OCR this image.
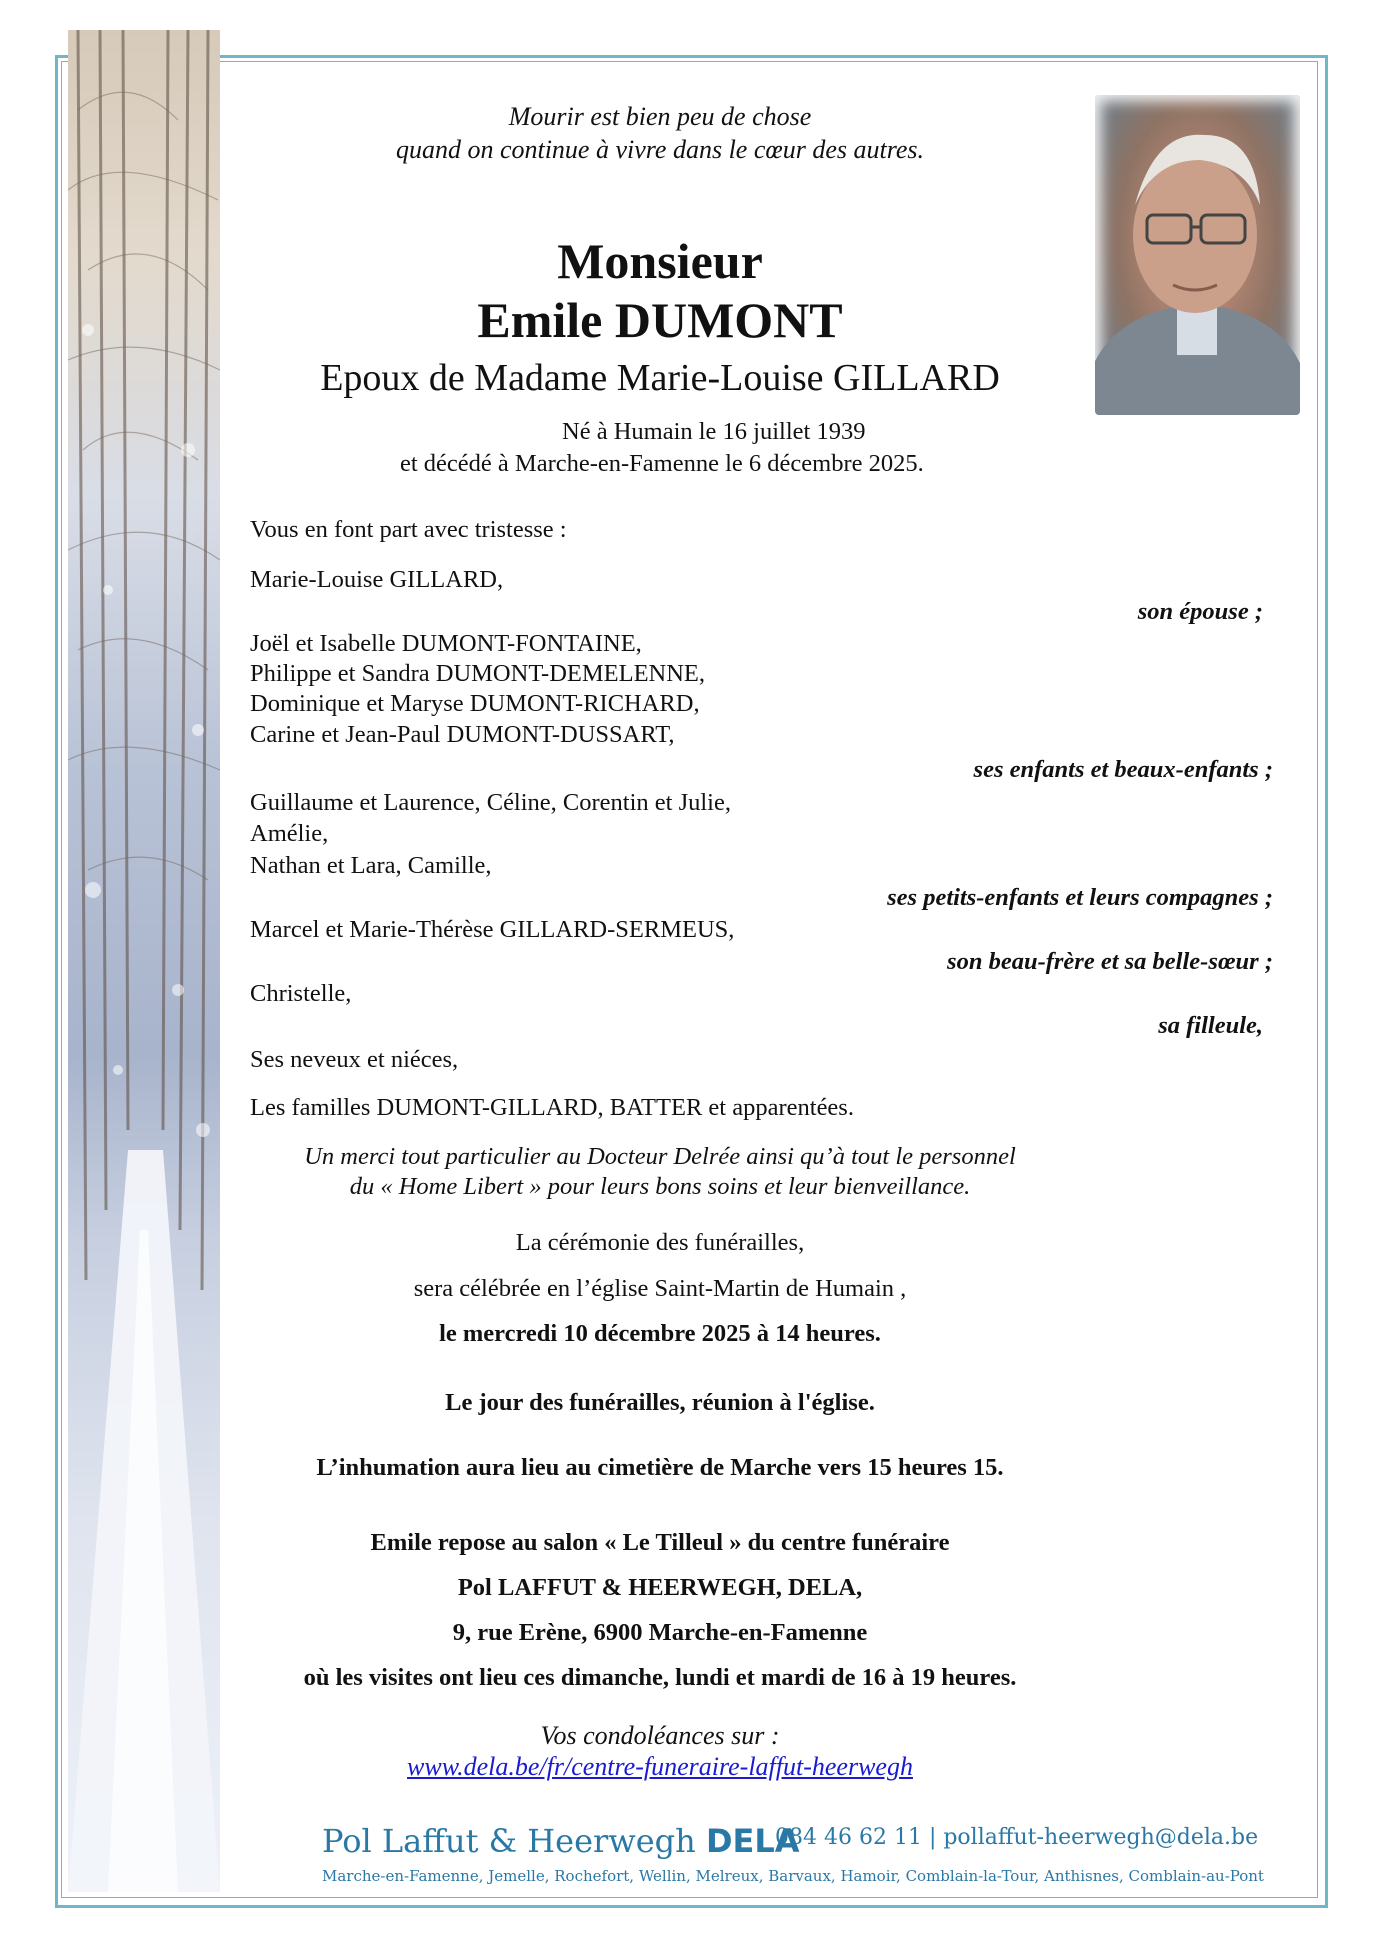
Mourir est bien peu de chose
quand on continue à vivre dans le cœur des autres.
Monsieur
Emile DUMONT
Epoux de Madame Marie-Louise GILLARD
Né à Humain le 16 juillet 1939
et décédé à Marche-en-Famenne le 6 décembre 2025.
Vous en font part avec tristesse :
Marie-Louise GILLARD,
son épouse ;
Joël et Isabelle DUMONT-FONTAINE,
Philippe et Sandra DUMONT-DEMELENNE,
Dominique et Maryse DUMONT-RICHARD,
Carine et Jean-Paul DUMONT-DUSSART,
ses enfants et beaux-enfants ;
Guillaume et Laurence, Céline, Corentin et Julie,
Amélie,
Nathan et Lara, Camille,
ses petits-enfants et leurs compagnes ;
Marcel et Marie-Thérèse GILLARD-SERMEUS,
son beau-frère et sa belle-sœur ;
Christelle,
sa filleule,
Ses neveux et niéces,
Les familles DUMONT-GILLARD, BATTER et apparentées.
Un merci tout particulier au Docteur Delrée ainsi qu’à tout le personnel
du « Home Libert » pour leurs bons soins et leur bienveillance.
La cérémonie des funérailles,
sera célébrée en l’église Saint-Martin de Humain ,
le mercredi 10 décembre 2025 à 14 heures.
Le jour des funérailles, réunion à l'église.
L’inhumation aura lieu au cimetière de Marche vers 15 heures 15.
Emile repose au salon « Le Tilleul » du centre funéraire
Pol LAFFUT & HEERWEGH, DELA,
9, rue Erène, 6900 Marche-en-Famenne
où les visites ont lieu ces dimanche, lundi et mardi de 16 à 19 heures.
Vos condoléances sur :
www.dela.be/fr/centre-funeraire-laffut-heerwegh
Pol Laffut & Heerwegh DELA
084 46 62 11 | pollaffut-heerwegh@dela.be
Marche-en-Famenne, Jemelle, Rochefort, Wellin, Melreux, Barvaux, Hamoir, Comblain-la-Tour, Anthisnes, Comblain-au-Pont
